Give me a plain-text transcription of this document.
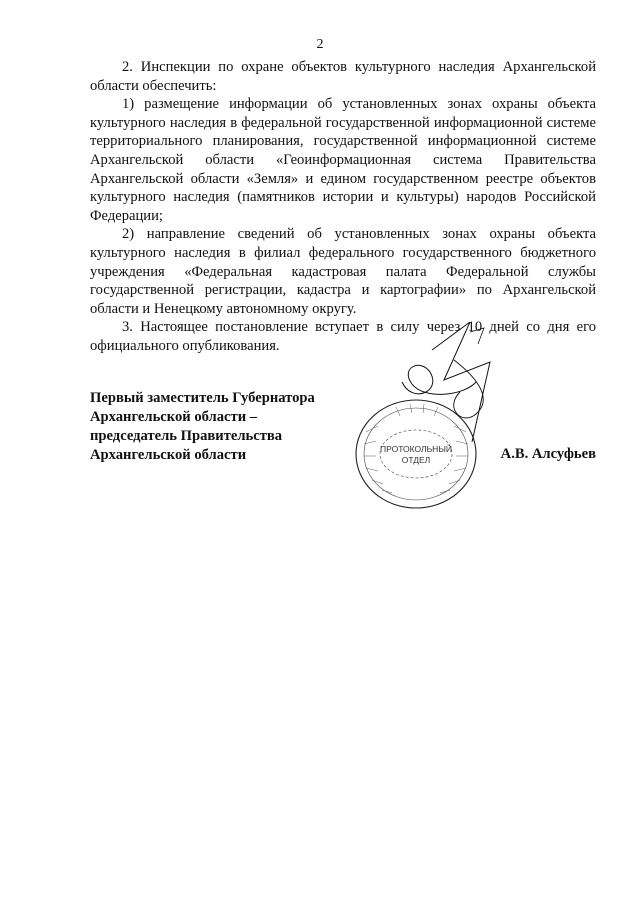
2

2. Инспекции по охране объектов культурного наследия Архангельской области обеспечить:

1) размещение информации об установленных зонах охраны объекта культурного наследия в федеральной государственной информационной системе территориального планирования, государственной информационной системе Архангельской области «Геоинформационная система Правительства Архангельской области «Земля» и едином государственном реестре объектов культурного наследия (памятников истории и культуры) народов Российской Федерации;

2) направление сведений об установленных зонах охраны объекта культурного наследия в филиал федерального государственного бюджетного учреждения «Федеральная кадастровая палата Федеральной службы государственной регистрации, кадастра и картографии» по Архангельской области и Ненецкому автономному округу.

3. Настоящее постановление вступает в силу через 10 дней со дня его официального опубликования.

Первый заместитель Губернатора
Архангельской области –
председатель Правительства
Архангельской области	ПРОТОКОЛЬНЫЙ
ОТДЕЛ	А.В. Алсуфьев
